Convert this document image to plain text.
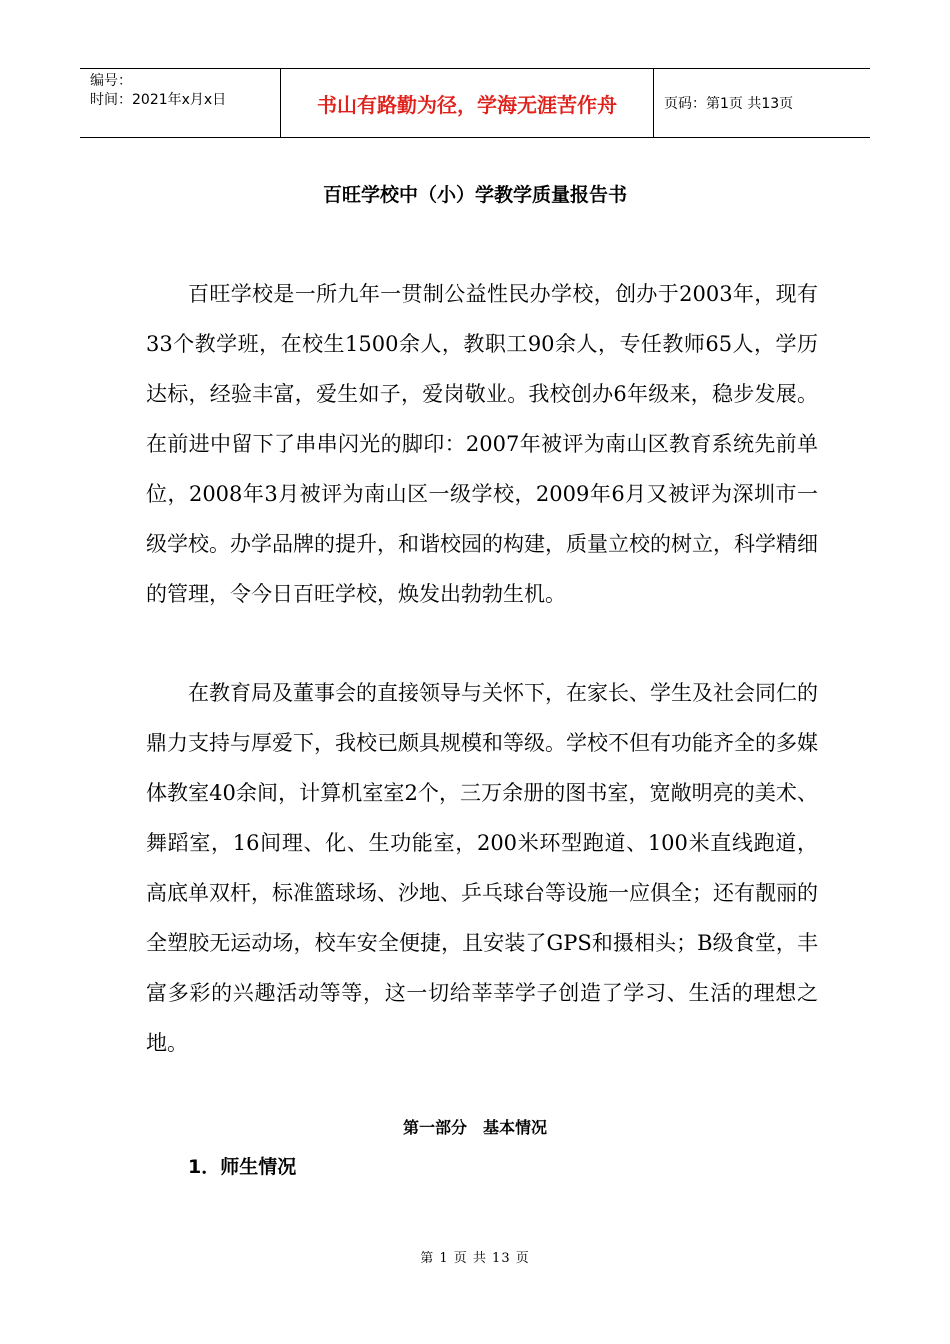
编号：
时间：2021年x月x日	书山有路勤为径，学海无涯苦作舟	页码：第1页 共13页
百旺学校中（小）学教学质量报告书

百旺学校是一所九年一贯制公益性民办学校，创办于2003年，现有33个教学班，在校生1500余人，教职工90余人，专任教师65人，学历达标，经验丰富，爱生如子，爱岗敬业。我校创办6年级来，稳步发展。在前进中留下了串串闪光的脚印：2007年被评为南山区教育系统先前单位，2008年3月被评为南山区一级学校，2009年6月又被评为深圳市一级学校。办学品牌的提升，和谐校园的构建，质量立校的树立，科学精细的管理，令今日百旺学校，焕发出勃勃生机。

在教育局及董事会的直接领导与关怀下，在家长、学生及社会同仁的鼎力支持与厚爱下，我校已颇具规模和等级。学校不但有功能齐全的多媒体教室40余间，计算机室室2个，三万余册的图书室，宽敞明亮的美术、舞蹈室，16间理、化、生功能室，200米环型跑道、100米直线跑道，高底单双杆，标准篮球场、沙地、乒乓球台等设施一应俱全；还有靓丽的全塑胶无运动场，校车安全便捷，且安装了GPS和摄相头；B级食堂，丰富多彩的兴趣活动等等，这一切给莘莘学子创造了学习、生活的理想之地。

第一部分　基本情况
1．师生情况
第 1 页 共 13 页
